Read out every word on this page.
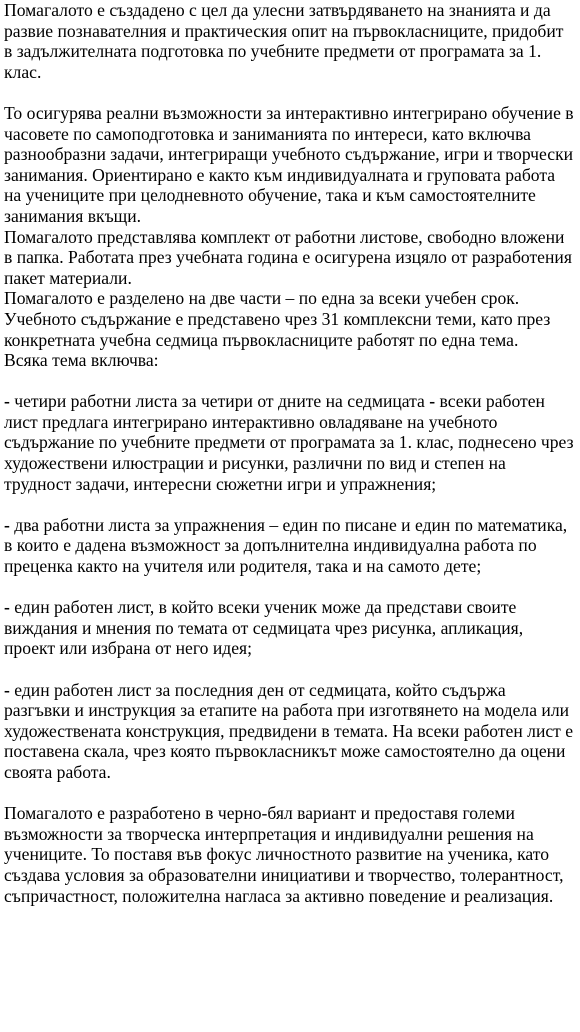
Помагалото е създадено с цел да улесни затвърдяването на знанията и да развие познавателния и практическия опит на първокласниците, придобит в задължителната подготовка по учебните предмети от програмата за 1. клас.

То осигурява реални възможности за интерактивно интегрирано обучение в часовете по самоподготовка и заниманията по интереси, като включва разнообразни задачи, интегриращи учебното съдържание, игри и творчески занимания. Ориентирано е както към индивидуалната и груповата работа на учениците при целодневното обучение, така и към самостоятелните занимания вкъщи.

Помагалото представлява комплект от работни листове, свободно вложени в папка. Работата през учебната година е осигурена изцяло от разработения пакет материали.

Помагалото е разделено на две части – по една за всеки учебен срок. Учебното съдържание е представено чрез 31 комплексни теми, като през конкретната учебна седмица първокласниците работят по една тема.

Всяка тема включва:

- четири работни листа за четири от дните на седмицата - всеки работен лист предлага интегрирано интерактивно овладяване на учебното съдържание по учебните предмети от програмата за 1. клас, поднесено чрез художествени илюстрации и рисунки, различни по вид и степен на трудност задачи, интересни сюжетни игри и упражнения;

- два работни листа за упражнения – един по писане и един по математика, в които е дадена възможност за допълнителна индивидуална работа по преценка както на учителя или родителя, така и на самото дете;

- един работен лист, в който всеки ученик може да представи своите виждания и мнения по темата от седмицата чрез рисунка, апликация, проект или избрана от него идея;

- един работен лист за последния ден от седмицата, който съдържа разгъвки и инструкция за етапите на работа при изготвянето на модела или художествената конструкция, предвидени в темата. На всеки работен лист е поставена скала, чрез която първокласникът може самостоятелно да оцени своята работа.

Помагалото е разработено в черно-бял вариант и предоставя големи възможности за творческа интерпретация и индивидуални решения на учениците. То поставя във фокус личностното развитие на ученика, като създава условия за образователни инициативи и творчество, толерантност, съпричастност, положителна нагласа за активно поведение и реализация.
